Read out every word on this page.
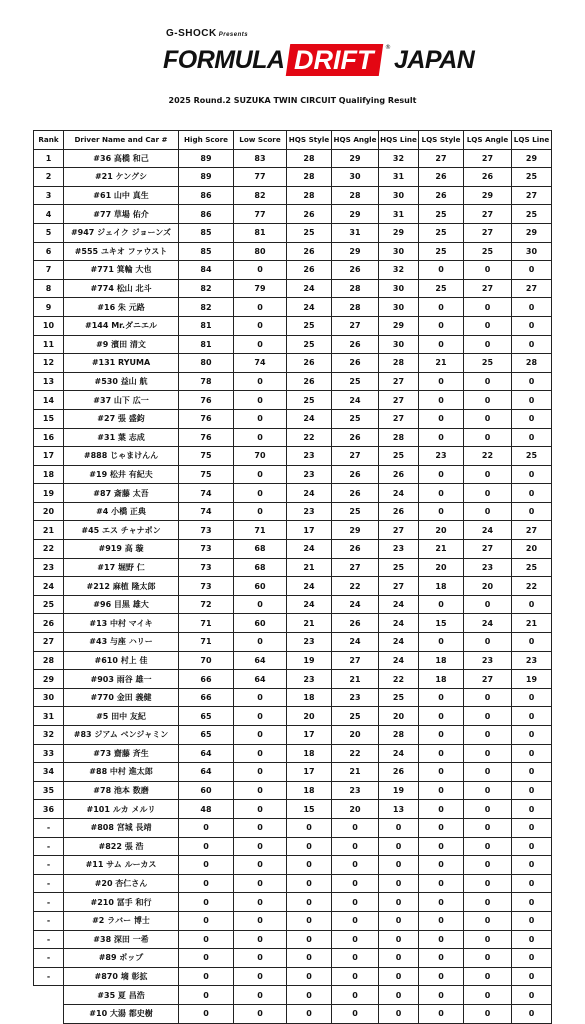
G-SHOCK Presents
FORMULA DRIFT	® JAPAN
2025 Round.2 SUZUKA TWIN CIRCUIT Qualifying Result
Rank	Driver Name and Car #	High Score	Low Score	HQS Style	HQS Angle	HQS Line	LQS Style	LQS Angle	LQS Line
1	#36 高橋 和己	89	83	28	29	32	27	27	29
2	#21 ケングシ	89	77	28	30	31	26	26	25
3	#61 山中 真生	86	82	28	28	30	26	29	27
4	#77 草場 佑介	86	77	26	29	31	25	27	25
5	#947 ジェイク ジョーンズ	85	81	25	31	29	25	27	29
6	#555 ユキオ ファウスト	85	80	26	29	30	25	25	30
7	#771 箕輪 大也	84	0	26	26	32	0	0	0
8	#774 松山 北斗	82	79	24	28	30	25	27	27
9	#16 朱 元路	82	0	24	28	30	0	0	0
10	#144 Mr.ダニエル	81	0	25	27	29	0	0	0
11	#9 濱田 清文	81	0	25	26	30	0	0	0
12	#131 RYUMA	80	74	26	26	28	21	25	28
13	#530 益山 航	78	0	26	25	27	0	0	0
14	#37 山下 広一	76	0	25	24	27	0	0	0
15	#27 張 盛鈞	76	0	24	25	27	0	0	0
16	#31 葉 志成	76	0	22	26	28	0	0	0
17	#888 じゃまけんん	75	70	23	27	25	23	22	25
18	#19 松井 有紀夫	75	0	23	26	26	0	0	0
19	#87 斎藤 太吾	74	0	24	26	24	0	0	0
20	#4 小橋 正典	74	0	23	25	26	0	0	0
21	#45 エス チャナポン	73	71	17	29	27	20	24	27
22	#919 高 璇	73	68	24	26	23	21	27	20
23	#17 堀野 仁	73	68	21	27	25	20	23	25
24	#212 麻植 隆太郎	73	60	24	22	27	18	20	22
25	#96 目黒 雄大	72	0	24	24	24	0	0	0
26	#13 中村 マイキ	71	60	21	26	24	15	24	21
27	#43 与座 ハリー	71	0	23	24	24	0	0	0
28	#610 村上 佳	70	64	19	27	24	18	23	23
29	#903 雨谷 雄一	66	64	23	21	22	18	27	19
30	#770 金田 義健	66	0	18	23	25	0	0	0
31	#5 田中 友紀	65	0	20	25	20	0	0	0
32	#83 ジアム ベンジャミン	65	0	17	20	28	0	0	0
33	#73 齋藤 斉生	64	0	18	22	24	0	0	0
34	#88 中村 進太郎	64	0	17	21	26	0	0	0
35	#78 池本 数磨	60	0	18	23	19	0	0	0
36	#101 ルカ メルリ	48	0	15	20	13	0	0	0
-	#808 宮城 長靖	0	0	0	0	0	0	0	0
-	#822 張 浩	0	0	0	0	0	0	0	0
-	#11 サム ルーカス	0	0	0	0	0	0	0	0
-	#20 杏仁さん	0	0	0	0	0	0	0	0
-	#210 冨手 和行	0	0	0	0	0	0	0	0
-	#2 ラバー 博士	0	0	0	0	0	0	0	0
-	#38 深田 一希	0	0	0	0	0	0	0	0
-	#89 ポップ	0	0	0	0	0	0	0	0
-	#870 墒 彰拡	0	0	0	0	0	0	0	0
	#35 夏 昌浩	0	0	0	0	0	0	0	0
	#10 大湯 都史樹	0	0	0	0	0	0	0	0
